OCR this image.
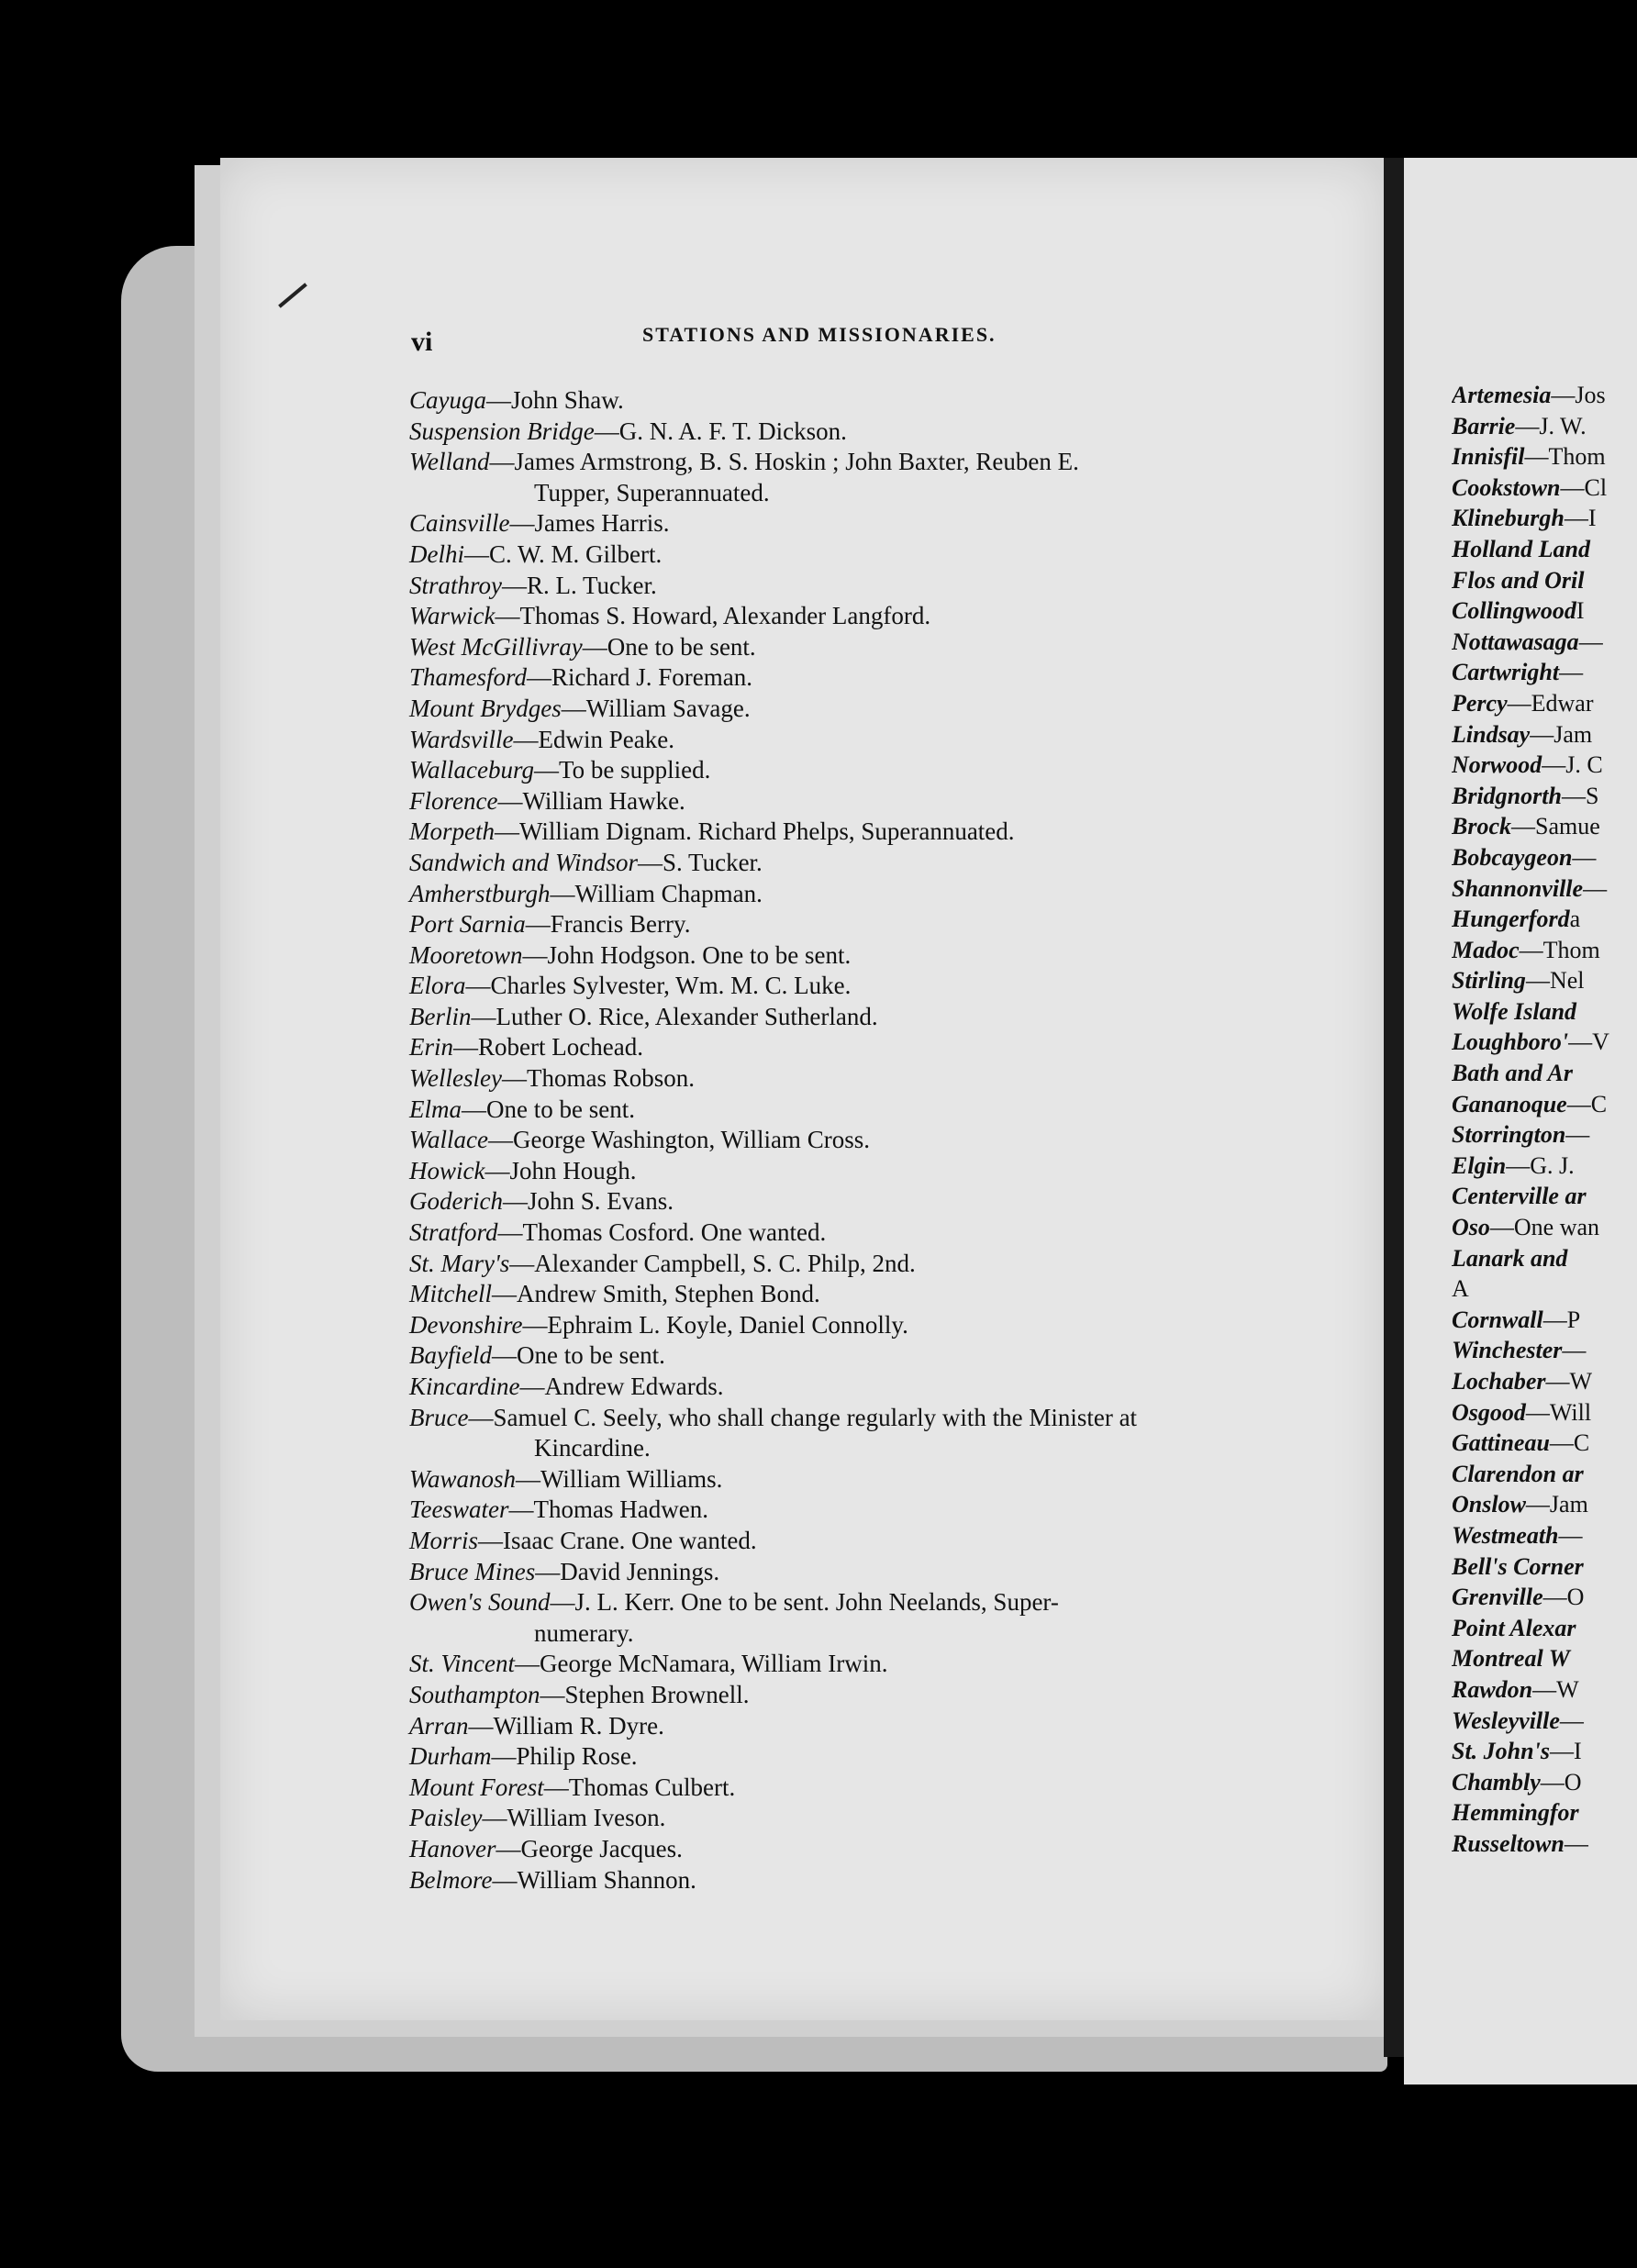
vi	STATIONS AND MISSIONARIES.
Cayuga—John Shaw.
Suspension Bridge—G. N. A. F. T. Dickson.
Welland—James Armstrong, B. S. Hoskin ; John Baxter, Reuben E.
Tupper, Superannuated.
Cainsville—James Harris.
Delhi—C. W. M. Gilbert.
Strathroy—R. L. Tucker.
Warwick—Thomas S. Howard, Alexander Langford.
West McGillivray—One to be sent.
Thamesford—Richard J. Foreman.
Mount Brydges—William Savage.
Wardsville—Edwin Peake.
Wallaceburg—To be supplied.
Florence—William Hawke.
Morpeth—William Dignam. Richard Phelps, Superannuated.
Sandwich and Windsor—S. Tucker.
Amherstburgh—William Chapman.
Port Sarnia—Francis Berry.
Mooretown—John Hodgson. One to be sent.
Elora—Charles Sylvester, Wm. M. C. Luke.
Berlin—Luther O. Rice, Alexander Sutherland.
Erin—Robert Lochead.
Wellesley—Thomas Robson.
Elma—One to be sent.
Wallace—George Washington, William Cross.
Howick—John Hough.
Goderich—John S. Evans.
Stratford—Thomas Cosford. One wanted.
St. Mary's—Alexander Campbell, S. C. Philp, 2nd.
Mitchell—Andrew Smith, Stephen Bond.
Devonshire—Ephraim L. Koyle, Daniel Connolly.
Bayfield—One to be sent.
Kincardine—Andrew Edwards.
Bruce—Samuel C. Seely, who shall change regularly with the Minister at
Kincardine.
Wawanosh—William Williams.
Teeswater—Thomas Hadwen.
Morris—Isaac Crane. One wanted.
Bruce Mines—David Jennings.
Owen's Sound—J. L. Kerr. One to be sent. John Neelands, Super-
numerary.
St. Vincent—George McNamara, William Irwin.
Southampton—Stephen Brownell.
Arran—William R. Dyre.
Durham—Philip Rose.
Mount Forest—Thomas Culbert.
Paisley—William Iveson.
Hanover—George Jacques.
Belmore—William Shannon.
Artemesia—Jos
Barrie—J. W.
Innisfil—Thom
Cookstown—Cl
Klineburgh—I
Holland Land
Flos and Oril
CollingwoodI
Nottawasaga—
Cartwright—
Percy—Edwar
Lindsay—Jam
Norwood—J. C
Bridgnorth—S
Brock—Samue
Bobcaygeon—
Shannonville—
Hungerforda
Madoc—Thom
Stirling—Nel
Wolfe Island
Loughboro'—V
Bath and Ar
Gananoque—C
Storrington—
Elgin—G. J.
Centerville ar
Oso—One wan
Lanark and
A
Cornwall—P
Winchester—
Lochaber—W
Osgood—Will
Gattineau—C
Clarendon ar
Onslow—Jam
Westmeath—
Bell's Corner
Grenville—O
Point Alexar
Montreal W
Rawdon—W
Wesleyville—
St. John's—I
Chambly—O
Hemmingfor
Russeltown—
